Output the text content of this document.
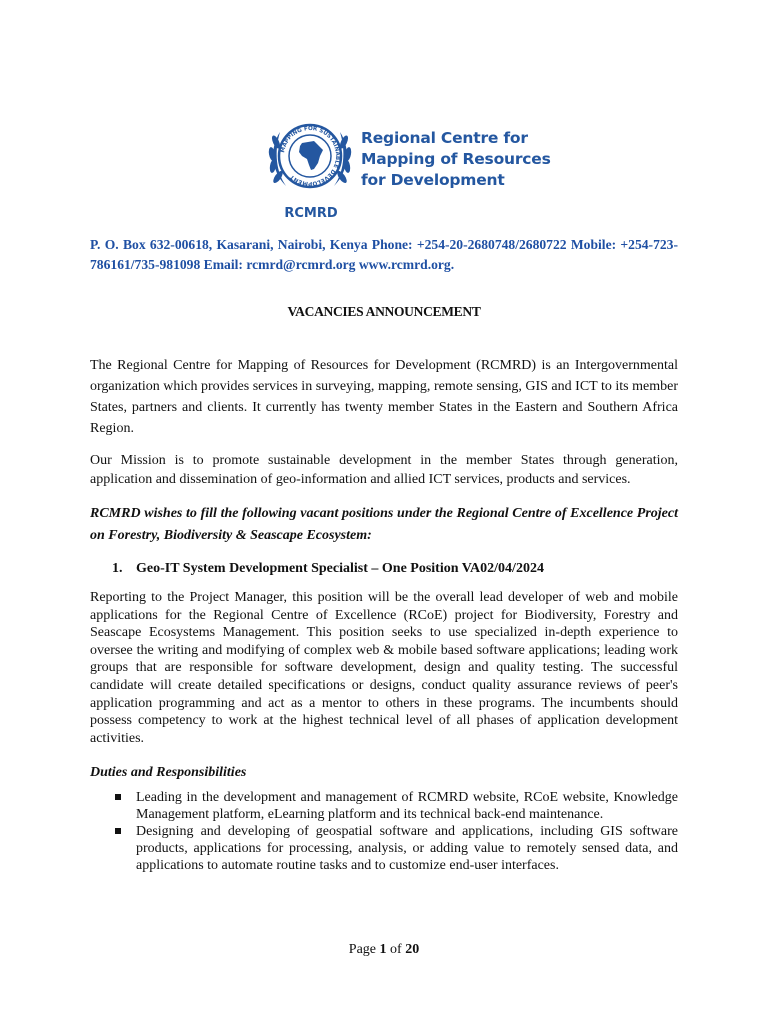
MAPPING FOR SUSTAINABLE DEVELOPMENT
Regional Centre for
Mapping of Resources
for Development
RCMRD
P. O. Box 632-00618, Kasarani, Nairobi, Kenya Phone: +254-20-2680748/2680722 Mobile: +254-723-786161/735-981098 Email: rcmrd@rcmrd.org www.rcmrd.org.
VACANCIES ANNOUNCEMENT
The Regional Centre for Mapping of Resources for Development (RCMRD) is an Intergovernmental organization which provides services in surveying, mapping, remote sensing, GIS and ICT to its member States, partners and clients. It currently has twenty member States in the Eastern and Southern Africa Region.
Our Mission is to promote sustainable development in the member States through generation, application and dissemination of geo-information and allied ICT services, products and services.
RCMRD wishes to fill the following vacant positions under the Regional Centre of Excellence Project on Forestry, Biodiversity & Seascape Ecosystem:
1. Geo-IT System Development Specialist – One Position VA02/04/2024
Reporting to the Project Manager, this position will be the overall lead developer of web and mobile applications for the Regional Centre of Excellence (RCoE) project for Biodiversity, Forestry and Seascape Ecosystems Management. This position seeks to use specialized in-depth experience to oversee the writing and modifying of complex web & mobile based software applications; leading work groups that are responsible for software development, design and quality testing. The successful candidate will create detailed specifications or designs, conduct quality assurance reviews of peer's application programming and act as a mentor to others in these programs. The incumbents should possess competency to work at the highest technical level of all phases of application development activities.
Duties and Responsibilities
Leading in the development and management of RCMRD website, RCoE website, Knowledge Management platform, eLearning platform and its technical back-end maintenance.
Designing and developing of geospatial software and applications, including GIS software products, applications for processing, analysis, or adding value to remotely sensed data, and applications to automate routine tasks and to customize end-user interfaces.
Page 1 of 20
